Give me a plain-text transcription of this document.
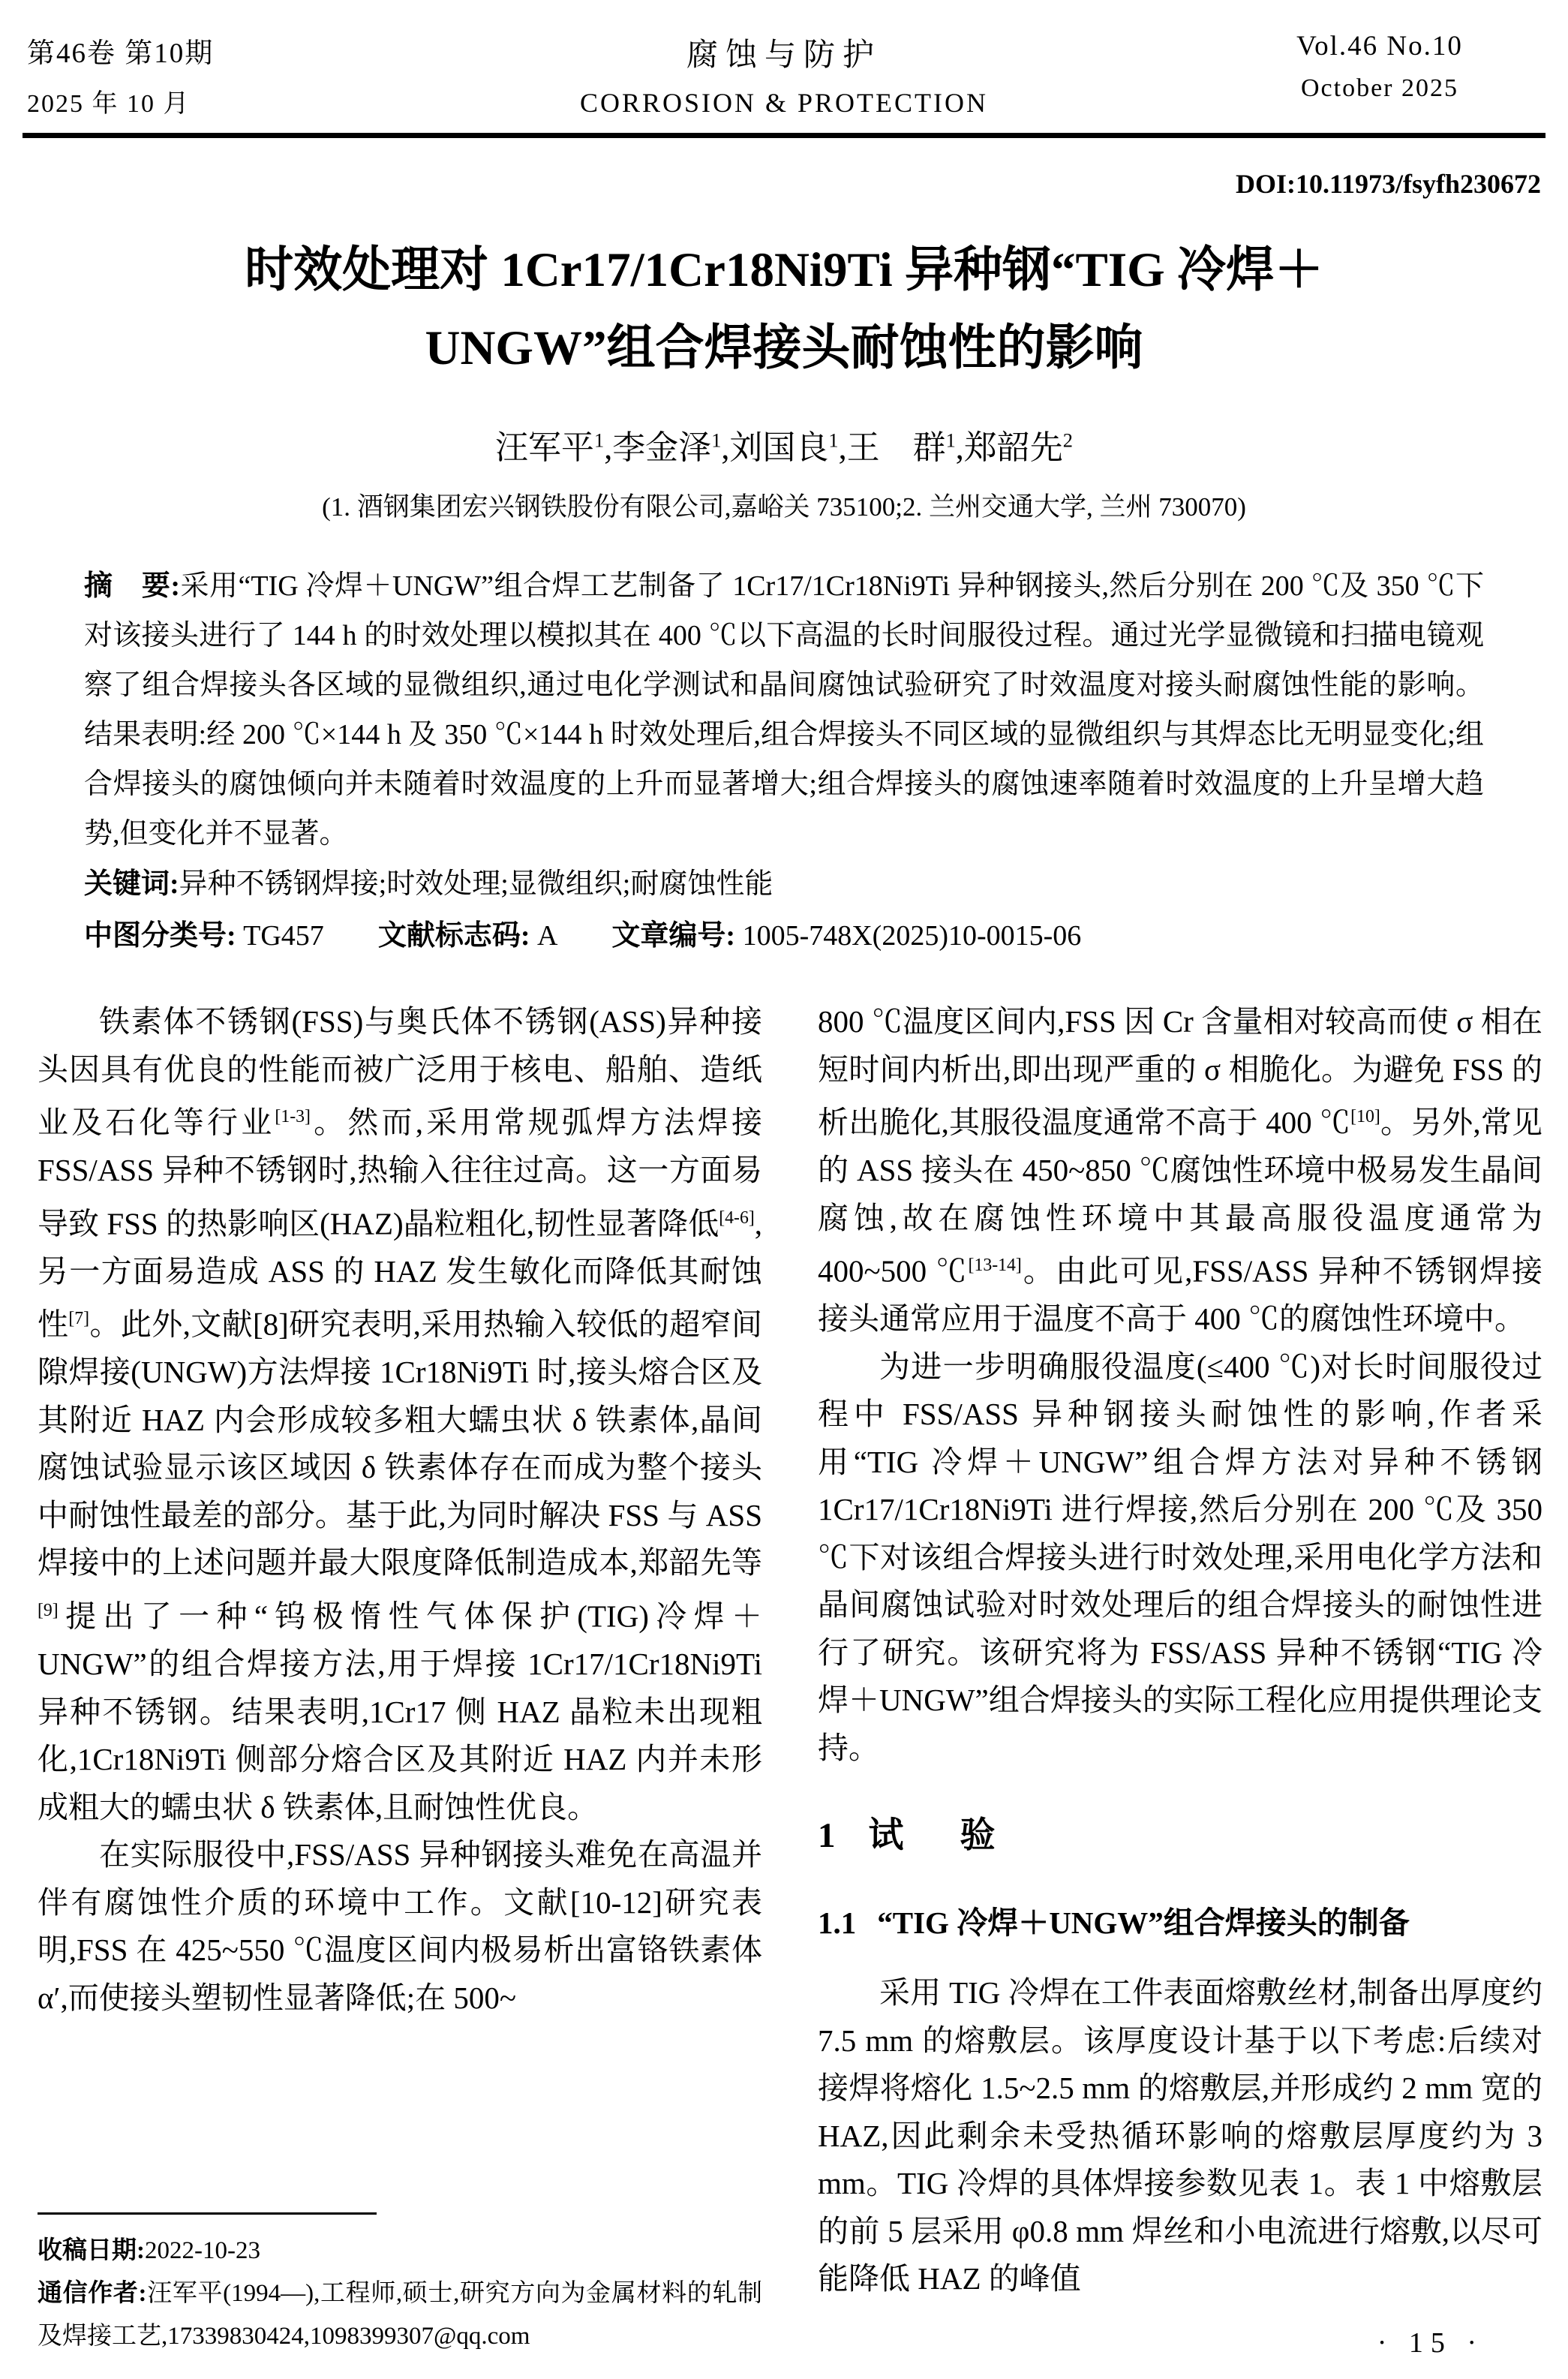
第46卷 第10期
2025 年 10 月
腐蚀与防护
CORROSION & PROTECTION
Vol.46 No.10
October 2025
DOI:10.11973/fsyfh230672
时效处理对 1Cr17/1Cr18Ni9Ti 异种钢“TIG 冷焊＋
UNGW”组合焊接头耐蚀性的影响
汪军平$^1$,李金泽$^1$,刘国良$^1$,王　群$^1$,郑韶先$^2$
(1. 酒钢集团宏兴钢铁股份有限公司,嘉峪关 735100;2. 兰州交通大学, 兰州 730070)
摘　要:采用“TIG 冷焊＋UNGW”组合焊工艺制备了 1Cr17/1Cr18Ni9Ti 异种钢接头,然后分别在 200 ℃及 350 ℃下对该接头进行了 144 h 的时效处理以模拟其在 400 ℃以下高温的长时间服役过程。通过光学显微镜和扫描电镜观察了组合焊接头各区域的显微组织,通过电化学测试和晶间腐蚀试验研究了时效温度对接头耐腐蚀性能的影响。结果表明:经 200 ℃×144 h 及 350 ℃×144 h 时效处理后,组合焊接头不同区域的显微组织与其焊态比无明显变化;组合焊接头的腐蚀倾向并未随着时效温度的上升而显著增大;组合焊接头的腐蚀速率随着时效温度的上升呈增大趋势,但变化并不显著。
关键词:异种不锈钢焊接;时效处理;显微组织;耐腐蚀性能
中图分类号: TG457 文献标志码: A 文章编号: 1005-748X(2025)10-0015-06

铁素体不锈钢(FSS)与奥氏体不锈钢(ASS)异种接头因具有优良的性能而被广泛用于核电、船舶、造纸业及石化等行业[1-3]。然而,采用常规弧焊方法焊接 FSS/ASS 异种不锈钢时,热输入往往过高。这一方面易导致 FSS 的热影响区(HAZ)晶粒粗化,韧性显著降低[4-6],另一方面易造成 ASS 的 HAZ 发生敏化而降低其耐蚀性[7]。此外,文献[8]研究表明,采用热输入较低的超窄间隙焊接(UNGW)方法焊接 1Cr18Ni9Ti 时,接头熔合区及其附近 HAZ 内会形成较多粗大蠕虫状 δ 铁素体,晶间腐蚀试验显示该区域因 δ 铁素体存在而成为整个接头中耐蚀性最差的部分。基于此,为同时解决 FSS 与 ASS 焊接中的上述问题并最大限度降低制造成本,郑韶先等[9]提出了一种“钨极惰性气体保护(TIG)冷焊＋UNGW”的组合焊接方法,用于焊接 1Cr17/1Cr18Ni9Ti 异种不锈钢。结果表明,1Cr17 侧 HAZ 晶粒未出现粗化,1Cr18Ni9Ti 侧部分熔合区及其附近 HAZ 内并未形成粗大的蠕虫状 δ 铁素体,且耐蚀性优良。

在实际服役中,FSS/ASS 异种钢接头难免在高温并伴有腐蚀性介质的环境中工作。文献[10-12]研究表明,FSS 在 425~550 ℃温度区间内极易析出富铬铁素体 α′,而使接头塑韧性显著降低;在 500~

收稿日期:2022-10-23

通信作者:汪军平(1994—),工程师,硕士,研究方向为金属材料的轧制及焊接工艺,17339830424,1098399307@qq.com

800 ℃温度区间内,FSS 因 Cr 含量相对较高而使 σ 相在短时间内析出,即出现严重的 σ 相脆化。为避免 FSS 的析出脆化,其服役温度通常不高于 400 ℃[10]。另外,常见的 ASS 接头在 450~850 ℃腐蚀性环境中极易发生晶间腐蚀,故在腐蚀性环境中其最高服役温度通常为 400~500 ℃[13-14]。由此可见,FSS/ASS 异种不锈钢焊接接头通常应用于温度不高于 400 ℃的腐蚀性环境中。

为进一步明确服役温度(≤400 ℃)对长时间服役过程中 FSS/ASS 异种钢接头耐蚀性的影响,作者采用“TIG 冷焊＋UNGW”组合焊方法对异种不锈钢 1Cr17/1Cr18Ni9Ti 进行焊接,然后分别在 200 ℃及 350 ℃下对该组合焊接头进行时效处理,采用电化学方法和晶间腐蚀试验对时效处理后的组合焊接头的耐蚀性进行了研究。该研究将为 FSS/ASS 异种不锈钢“TIG 冷焊＋UNGW”组合焊接头的实际工程化应用提供理论支持。

1 试　验
1.1 “TIG 冷焊＋UNGW”组合焊接头的制备

采用 TIG 冷焊在工件表面熔敷丝材,制备出厚度约 7.5 mm 的熔敷层。该厚度设计基于以下考虑:后续对接焊将熔化 1.5~2.5 mm 的熔敷层,并形成约 2 mm 宽的 HAZ,因此剩余未受热循环影响的熔敷层厚度约为 3 mm。TIG 冷焊的具体焊接参数见表 1。表 1 中熔敷层的前 5 层采用 φ0.8 mm 焊丝和小电流进行熔敷,以尽可能降低 HAZ 的峰值

· 15 ·
